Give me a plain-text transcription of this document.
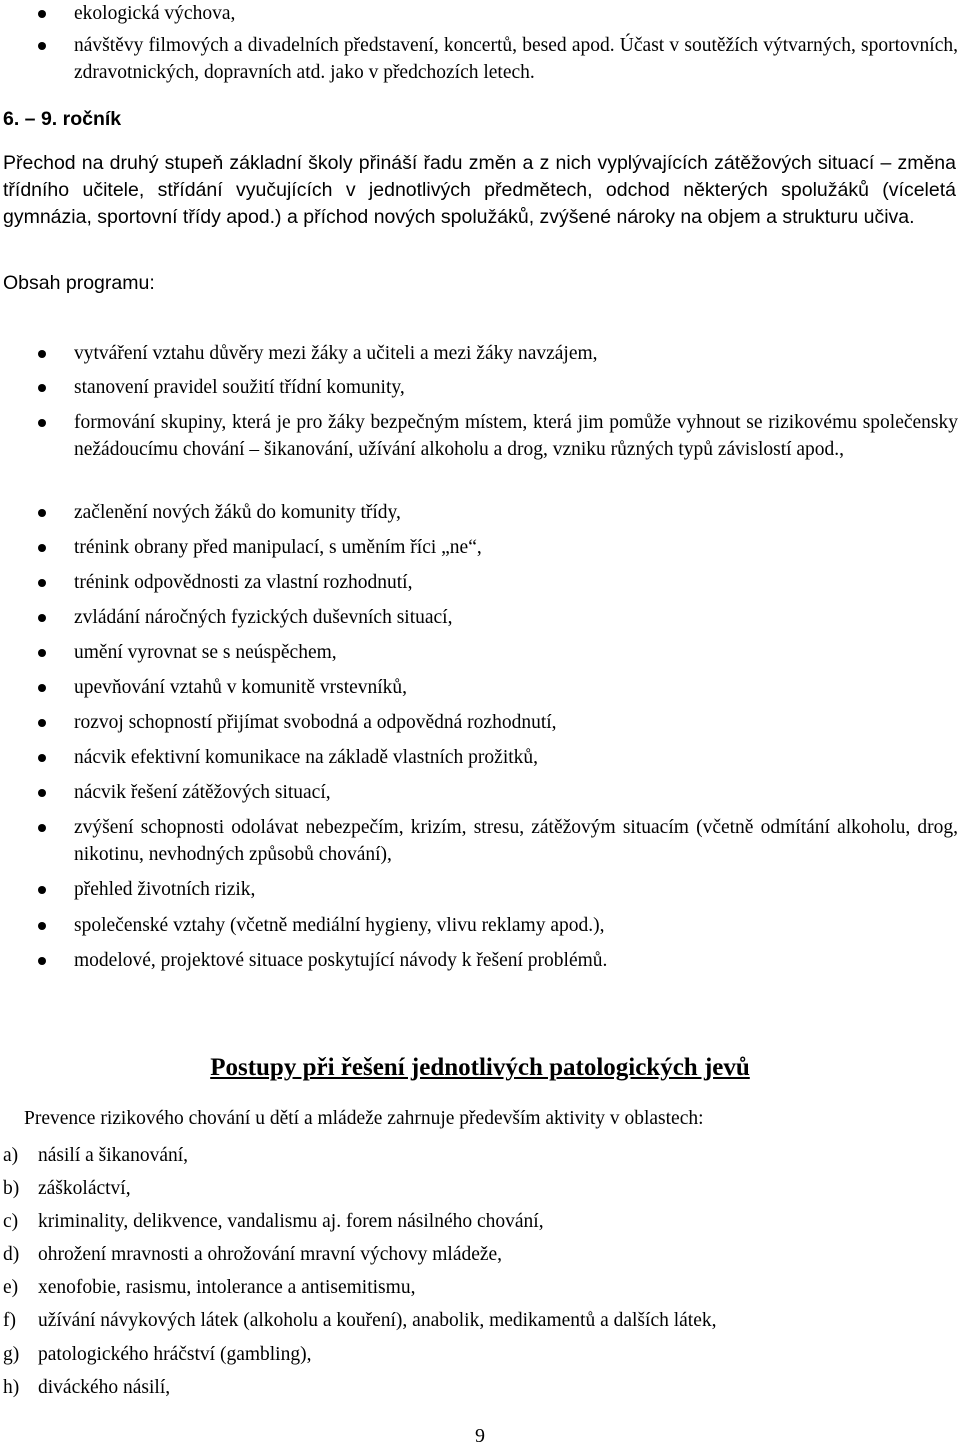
ekologická výchova,
návštěvy filmových a divadelních představení, koncertů, besed apod. Účast v soutěžích výtvarných, sportovních, zdravotnických, dopravních atd. jako v předchozích letech.
6. – 9. ročník
Přechod na druhý stupeň základní školy přináší řadu změn a z nich vyplývajících zátěžových situací – změna třídního učitele, střídání vyučujících v jednotlivých předmětech, odchod některých spolužáků (víceletá gymnázia, sportovní třídy apod.) a příchod nových spolužáků, zvýšené nároky na objem a strukturu učiva.
Obsah programu:
vytváření vztahu důvěry mezi žáky a učiteli a mezi žáky navzájem,
stanovení pravidel soužití třídní komunity,
formování skupiny, která je pro žáky bezpečným místem, která jim pomůže vyhnout se rizikovému společensky nežádoucímu chování – šikanování, užívání alkoholu a drog, vzniku různých typů závislostí apod.,
začlenění nových žáků do komunity třídy,
trénink obrany před manipulací, s uměním říci „ne“,
trénink odpovědnosti za vlastní rozhodnutí,
zvládání náročných fyzických duševních situací,
umění vyrovnat se s neúspěchem,
upevňování vztahů v komunitě vrstevníků,
rozvoj schopností přijímat svobodná a odpovědná rozhodnutí,
nácvik efektivní komunikace na základě vlastních prožitků,
nácvik řešení zátěžových situací,
zvýšení schopnosti odolávat nebezpečím, krizím, stresu, zátěžovým situacím (včetně odmítání alkoholu, drog, nikotinu, nevhodných způsobů chování),
přehled životních rizik,
společenské vztahy (včetně mediální hygieny, vlivu reklamy apod.),
modelové, projektové situace poskytující návody k řešení problémů.
Postupy při řešení jednotlivých patologických jevů
Prevence rizikového chování u dětí a mládeže zahrnuje především aktivity v oblastech:
a) násilí a šikanování,
b) záškoláctví,
c) kriminality, delikvence, vandalismu aj. forem násilného chování,
d) ohrožení mravnosti a ohrožování mravní výchovy mládeže,
e) xenofobie, rasismu, intolerance a antisemitismu,
f) užívání návykových látek (alkoholu a kouření), anabolik, medikamentů a dalších látek,
g) patologického hráčství (gambling),
h) diváckého násilí,
9
